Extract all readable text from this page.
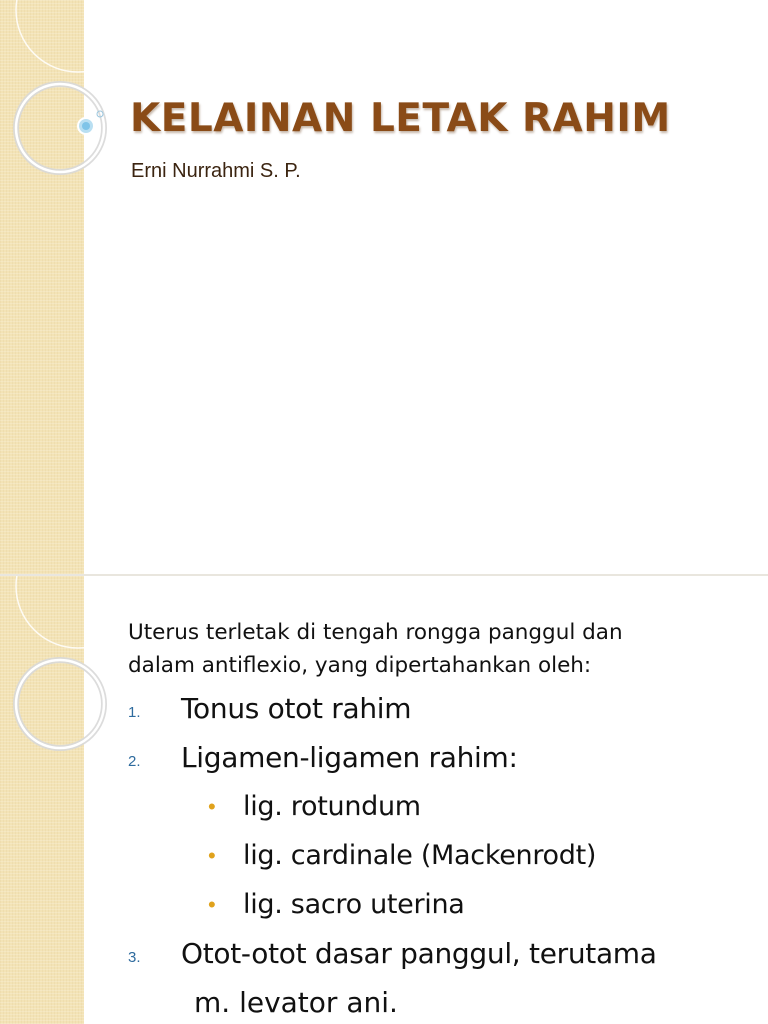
KELAINAN LETAK RAHIM

Erni Nurrahmi S. P.

Uterus terletak di tengah rongga panggul dan
dalam antiflexio, yang dipertahankan oleh:

1. Tonus otot rahim
2. Ligamen-ligamen rahim:
• lig. rotundum
• lig. cardinale (Mackenrodt)
• lig. sacro uterina
3. Otot-otot dasar panggul, terutama
m. levator ani.
